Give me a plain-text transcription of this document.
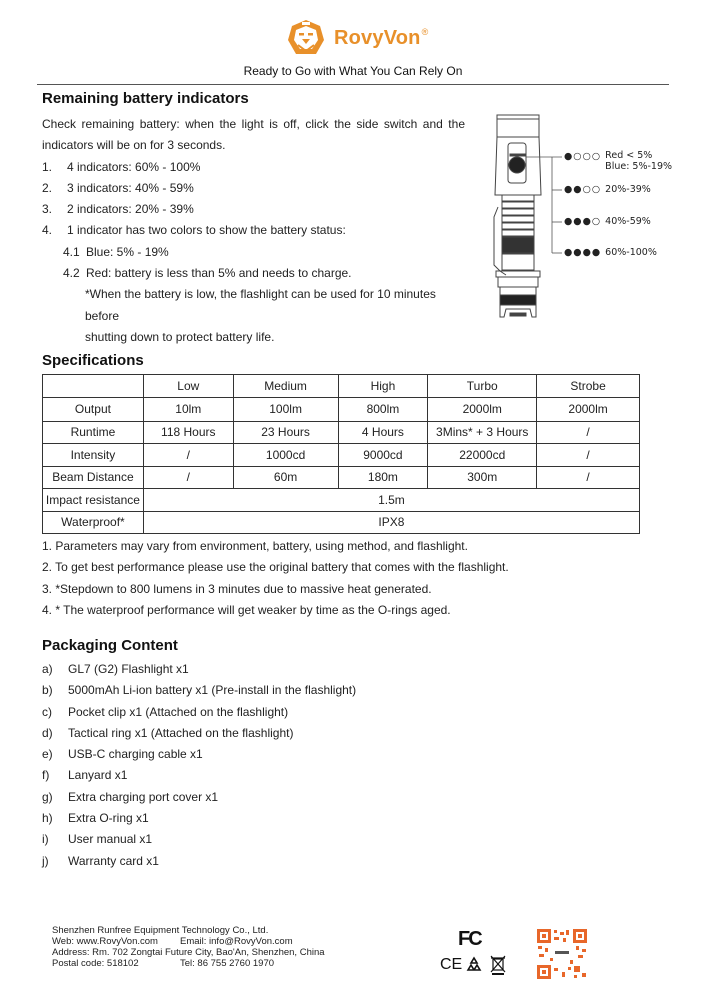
RovyVon ®
Ready to Go with What You Can Rely On
Remaining battery indicators
Check remaining battery: when the light is off, click the side switch and the
indicators will be on for 3 seconds.
1.	4 indicators: 60% - 100%
2.	3 indicators: 40% - 59%
3.	2 indicators: 20% - 39%
4.	1 indicator has two colors to show the battery status:
4.1 Blue: 5% - 19%
4.2 Red: battery is less than 5% and needs to charge.
*When the battery is low, the flashlight can be used for 10 minutes before
shutting down to protect battery life.
●○○○ Red < 5%
Blue: 5%-19%
●●○○ 20%-39%
●●●○ 40%-59%
●●●● 60%-100%
Specifications
	Low	Medium	High	Turbo	Strobe
Output	10lm	100lm	800lm	2000lm	2000lm
Runtime	118 Hours	23 Hours	4 Hours	3Mins* + 3 Hours	/
Intensity	/	1000cd	9000cd	22000cd	/
Beam Distance	/	60m	180m	300m	/
Impact resistance	1.5m				
Waterproof*	IPX8				
1. Parameters may vary from environment, battery, using method, and flashlight.
2. To get best performance please use the original battery that comes with the flashlight.
3. *Stepdown to 800 lumens in 3 minutes due to massive heat generated.
4. * The waterproof performance will get weaker by time as the O-rings aged.
Packaging Content
a)	GL7 (G2) Flashlight x1
b)	5000mAh Li-ion battery x1 (Pre-install in the flashlight)
c)	Pocket clip x1 (Attached on the flashlight)
d)	Tactical ring x1 (Attached on the flashlight)
e)	USB-C charging cable x1
f)	Lanyard x1
g)	Extra charging port cover x1
h)	Extra O-ring x1
i)	User manual x1
j)	Warranty card x1
Shenzhen Runfree Equipment Technology Co., Ltd.
Web: www.RovyVon.com Email: info@RovyVon.com
Address: Rm. 702 Zongtai Future City, Bao'An, Shenzhen, China
Postal code: 518102	Tel: 86 755 2760 1970
FC
CE
